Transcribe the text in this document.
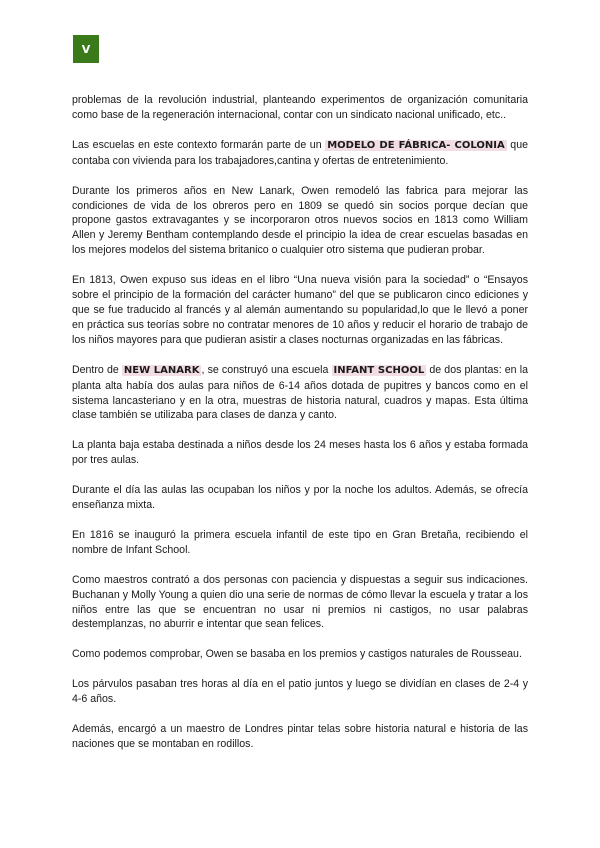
V

problemas de la revolución industrial, planteando experimentos de organización comunitaria como base de la regeneración internacional, contar con un sindicato nacional unificado, etc..

Las escuelas en este contexto formarán parte de un MODELO DE FÁBRICA- COLONIA que contaba con vivienda para los trabajadores,cantina y ofertas de entretenimiento.

Durante los primeros años en New Lanark, Owen remodeló las fabrica para mejorar las condiciones de vida de los obreros pero en 1809 se quedó sin socios porque decían que propone gastos extravagantes y se incorporaron otros nuevos socios en 1813 como William Allen y Jeremy Bentham contemplando desde el principio la idea de crear escuelas basadas en los mejores modelos del sistema britanico o cualquier otro sistema que pudieran probar.

En 1813, Owen expuso sus ideas en el libro “Una nueva visión para la sociedad” o “Ensayos sobre el principio de la formación del carácter humano” del que se publicaron cinco ediciones y que se fue traducido al francés y al alemán aumentando su popularidad,lo que le llevó a poner en práctica sus teorías sobre no contratar menores de 10 años y reducir el horario de trabajo de los niños mayores para que pudieran asistir a clases nocturnas organizadas en las fábricas.

Dentro de NEW LANARK , se construyó una escuela INFANT SCHOOL de dos plantas: en la planta alta había dos aulas para niños de 6-14 años dotada de pupitres y bancos como en el sistema lancasteriano y en la otra, muestras de historia natural, cuadros y mapas. Esta última clase también se utilizaba para clases de danza y canto.

La planta baja estaba destinada a niños desde los 24 meses hasta los 6 años y estaba formada por tres aulas.

Durante el día las aulas las ocupaban los niños y por la noche los adultos. Además, se ofrecía enseñanza mixta.

En 1816 se inauguró la primera escuela infantil de este tipo en Gran Bretaña, recibiendo el nombre de Infant School.

Como maestros contrató a dos personas con paciencia y dispuestas a seguir sus indicaciones. Buchanan y Molly Young a quien dio una serie de normas de cómo llevar la escuela y tratar a los niños entre las que se encuentran no usar ni premios ni castigos, no usar palabras destemplanzas, no aburrir e intentar que sean felices.

Como podemos comprobar, Owen se basaba en los premios y castigos naturales de Rousseau.

Los párvulos pasaban tres horas al día en el patio juntos y luego se dividían en clases de 2-4 y 4-6 años.

Además, encargó a un maestro de Londres pintar telas sobre historia natural e historia de las naciones que se montaban en rodillos.
